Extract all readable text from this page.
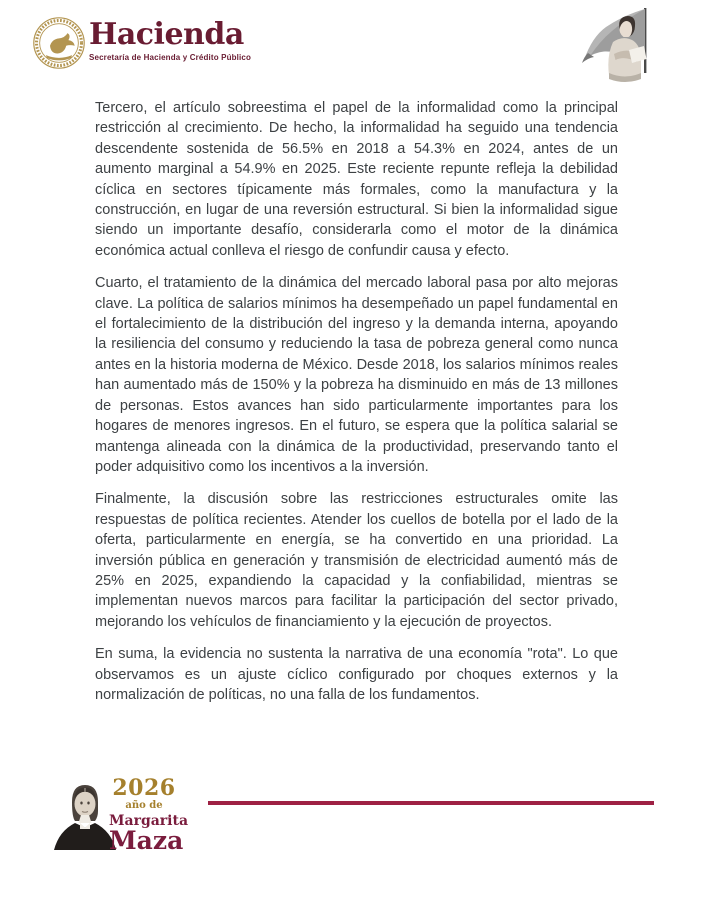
Hacienda
Secretaría de Hacienda y Crédito Público

Tercero, el artículo sobreestima el papel de la informalidad como la principal restricción al crecimiento. De hecho, la informalidad ha seguido una tendencia descendente sostenida de 56.5% en 2018 a 54.3% en 2024, antes de un aumento marginal a 54.9% en 2025. Este reciente repunte refleja la debilidad cíclica en sectores típicamente más formales, como la manufactura y la construcción, en lugar de una reversión estructural. Si bien la informalidad sigue siendo un importante desafío, considerarla como el motor de la dinámica económica actual conlleva el riesgo de confundir causa y efecto.

Cuarto, el tratamiento de la dinámica del mercado laboral pasa por alto mejoras clave. La política de salarios mínimos ha desempeñado un papel fundamental en el fortalecimiento de la distribución del ingreso y la demanda interna, apoyando la resiliencia del consumo y reduciendo la tasa de pobreza general como nunca antes en la historia moderna de México. Desde 2018, los salarios mínimos reales han aumentado más de 150% y la pobreza ha disminuido en más de 13 millones de personas. Estos avances han sido particularmente importantes para los hogares de menores ingresos. En el futuro, se espera que la política salarial se mantenga alineada con la dinámica de la productividad, preservando tanto el poder adquisitivo como los incentivos a la inversión.

Finalmente, la discusión sobre las restricciones estructurales omite las respuestas de política recientes. Atender los cuellos de botella por el lado de la oferta, particularmente en energía, se ha convertido en una prioridad. La inversión pública en generación y transmisión de electricidad aumentó más de 25% en 2025, expandiendo la capacidad y la confiabilidad, mientras se implementan nuevos marcos para facilitar la participación del sector privado, mejorando los vehículos de financiamiento y la ejecución de proyectos.

En suma, la evidencia no sustenta la narrativa de una economía "rota". Lo que observamos es un ajuste cíclico configurado por choques externos y la normalización de políticas, no una falla de los fundamentos.

2026
año de
Margarita
Maza
